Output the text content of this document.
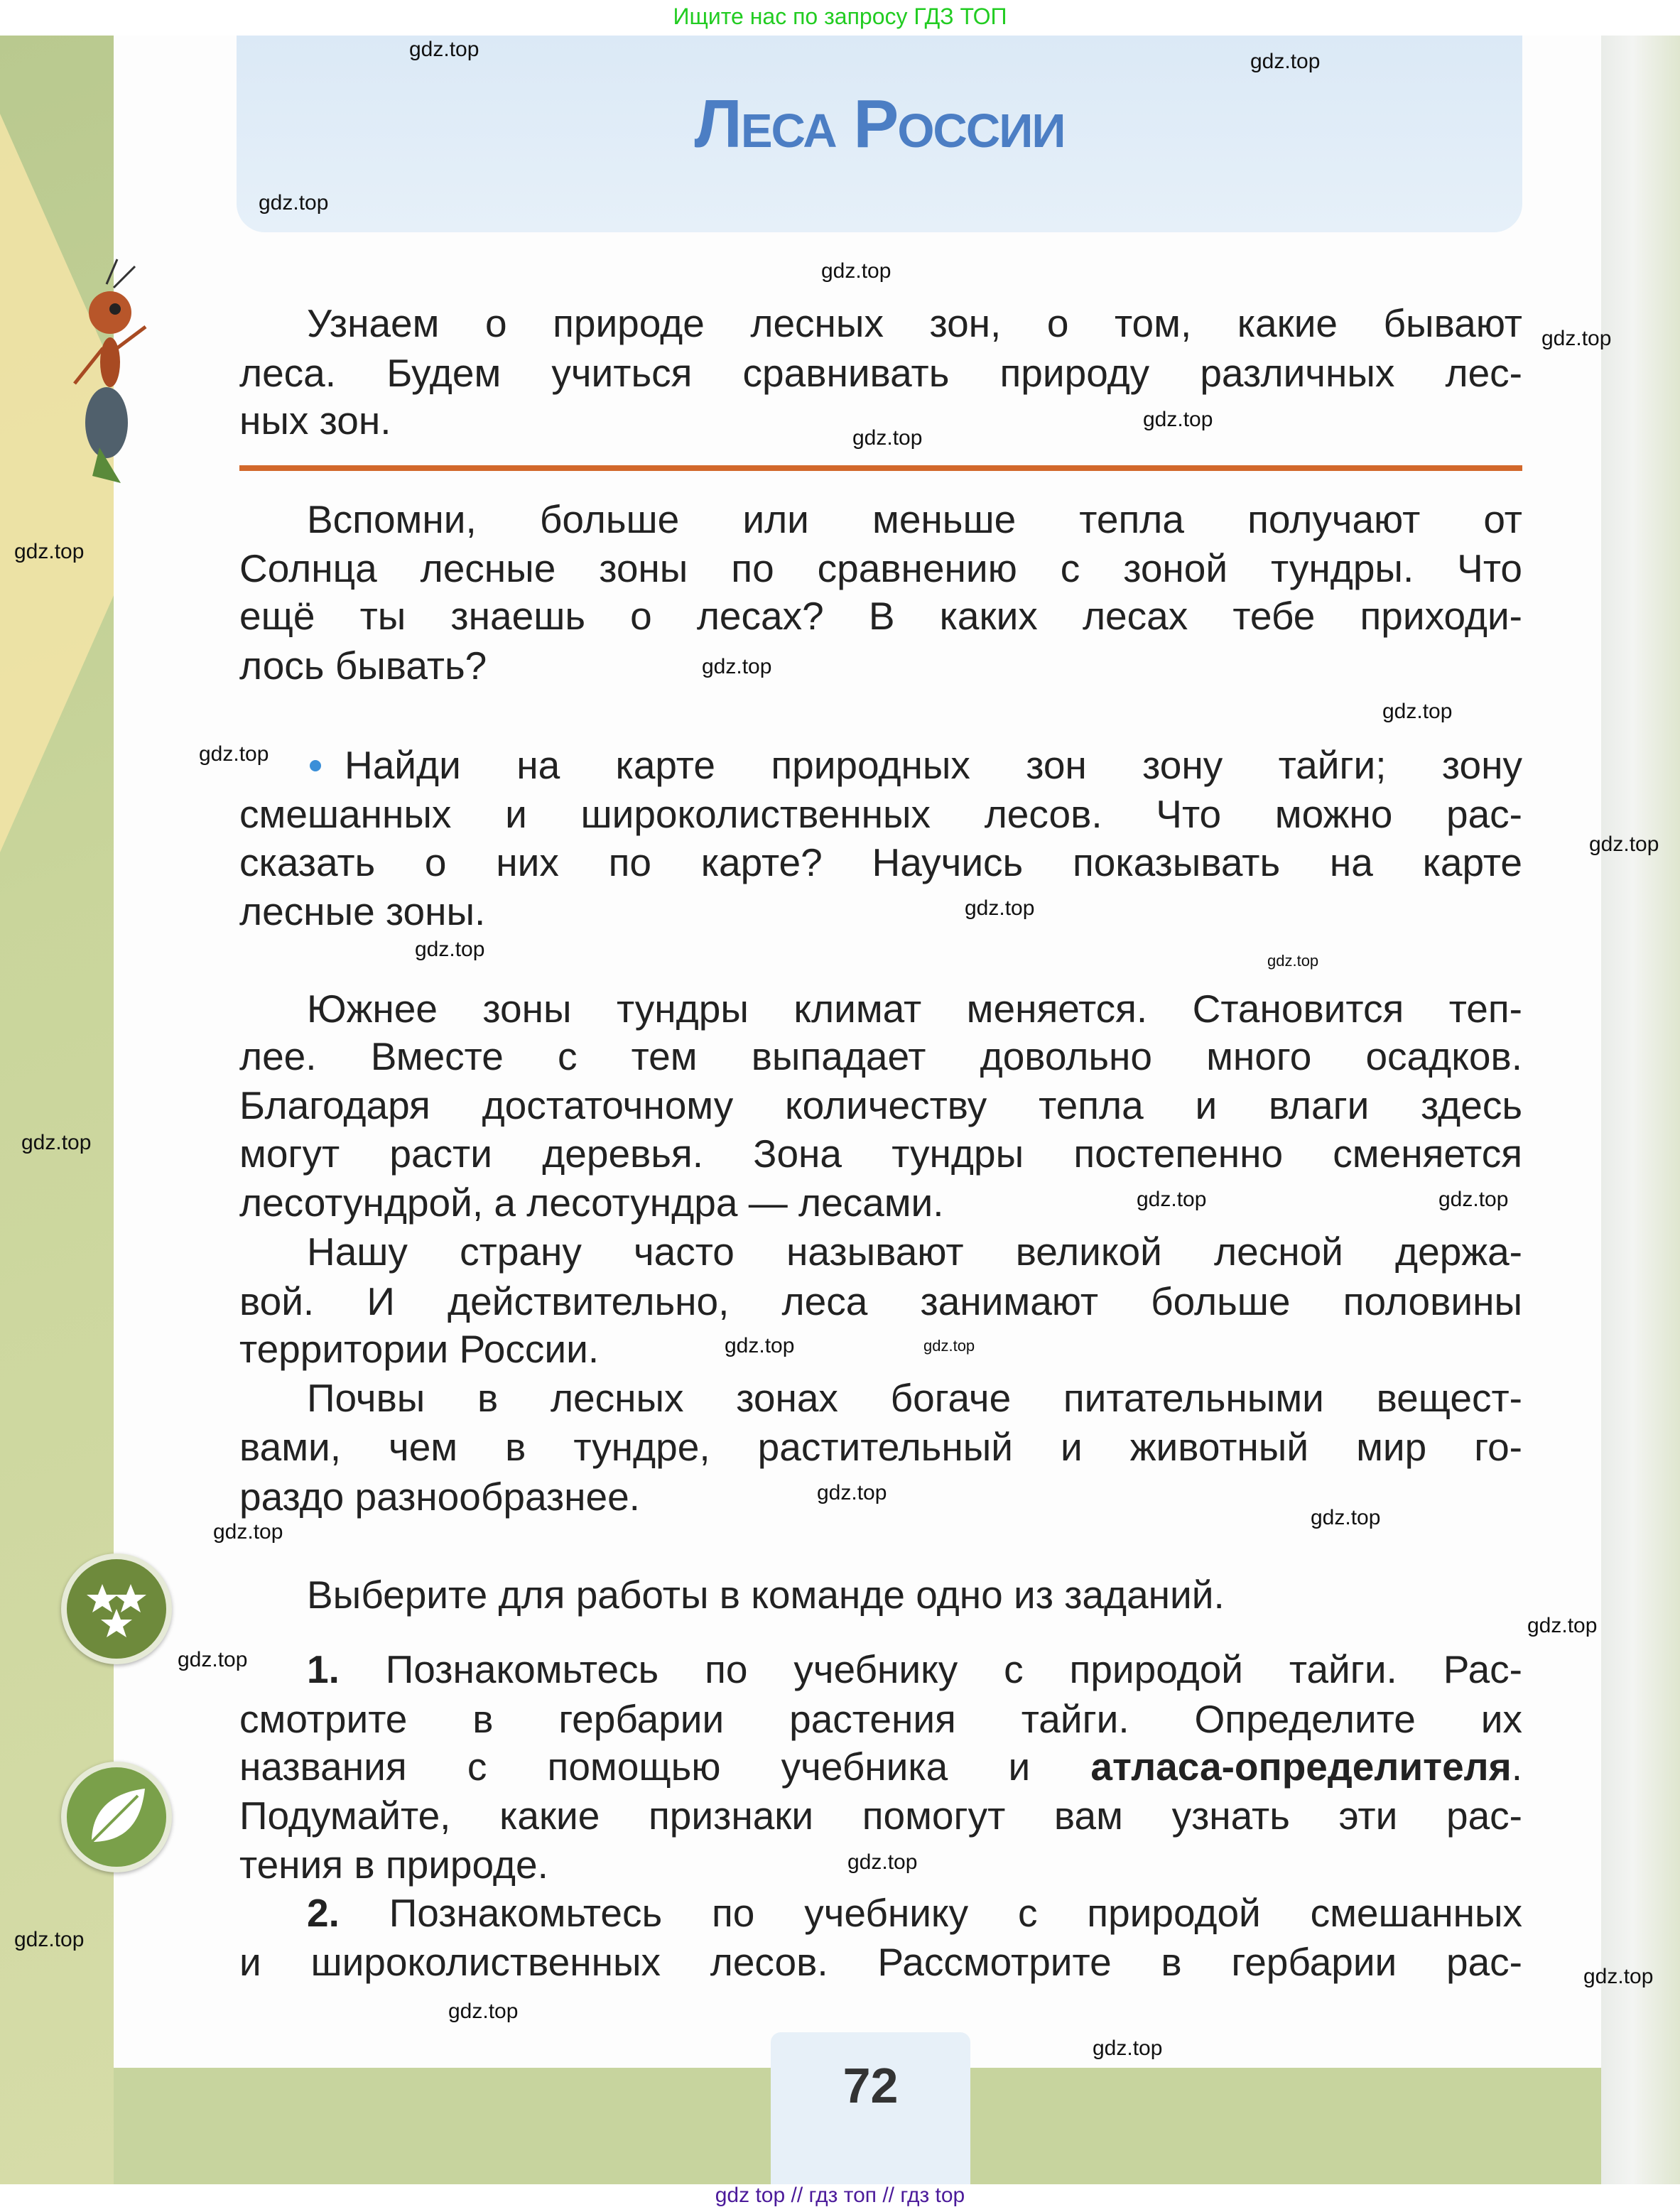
Ищите нас по запросу ГДЗ ТОП
Леса России
Узнаем о природе лесных зон, о том, какие бывают
леса. Будем учиться сравнивать природу различных лес-
ных зон.
Вспомни, больше или меньше тепла получают от
Солнца лесные зоны по сравнению с зоной тундры. Что
ещё ты знаешь о лесах? В каких лесах тебе приходи-
лось бывать?
Найди на карте природных зон зону тайги; зону
смешанных и широколиственных лесов. Что можно рас-
сказать о них по карте? Научись показывать на карте
лесные зоны.
Южнее зоны тундры климат меняется. Становится теп-
лее. Вместе с тем выпадает довольно много осадков.
Благодаря достаточному количеству тепла и влаги здесь
могут расти деревья. Зона тундры постепенно сменяется
лесотундрой, а лесотундра — лесами.
Нашу страну часто называют великой лесной держа-
вой. И действительно, леса занимают больше половины
территории России.
Почвы в лесных зонах богаче питательными вещест-
вами, чем в тундре, растительный и животный мир го-
раздо разнообразнее.
Выберите для работы в команде одно из заданий.
1. Познакомьтесь по учебнику с природой тайги. Рас-
смотрите в гербарии растения тайги. Определите их
названия с помощью учебника и атласа-определителя.
Подумайте, какие признаки помогут вам узнать эти рас-
тения в природе.
2. Познакомьтесь по учебнику с природой смешанных
и широколиственных лесов. Рассмотрите в гербарии рас-
72
gdz top // гдз топ // гдз top
gdz.top
gdz.top
gdz.top
gdz.top
gdz.top
gdz.top
gdz.top
gdz.top
gdz.top
gdz.top
gdz.top
gdz.top
gdz.top
gdz.top	gdz.top
gdz.top
gdz.top	gdz.top
gdz.top
gdz.top
gdz.top
gdz.top
gdz.top
gdz.top
gdz.top
gdz.top
gdz.top
gdz.top
gdz.top
gdz.top
